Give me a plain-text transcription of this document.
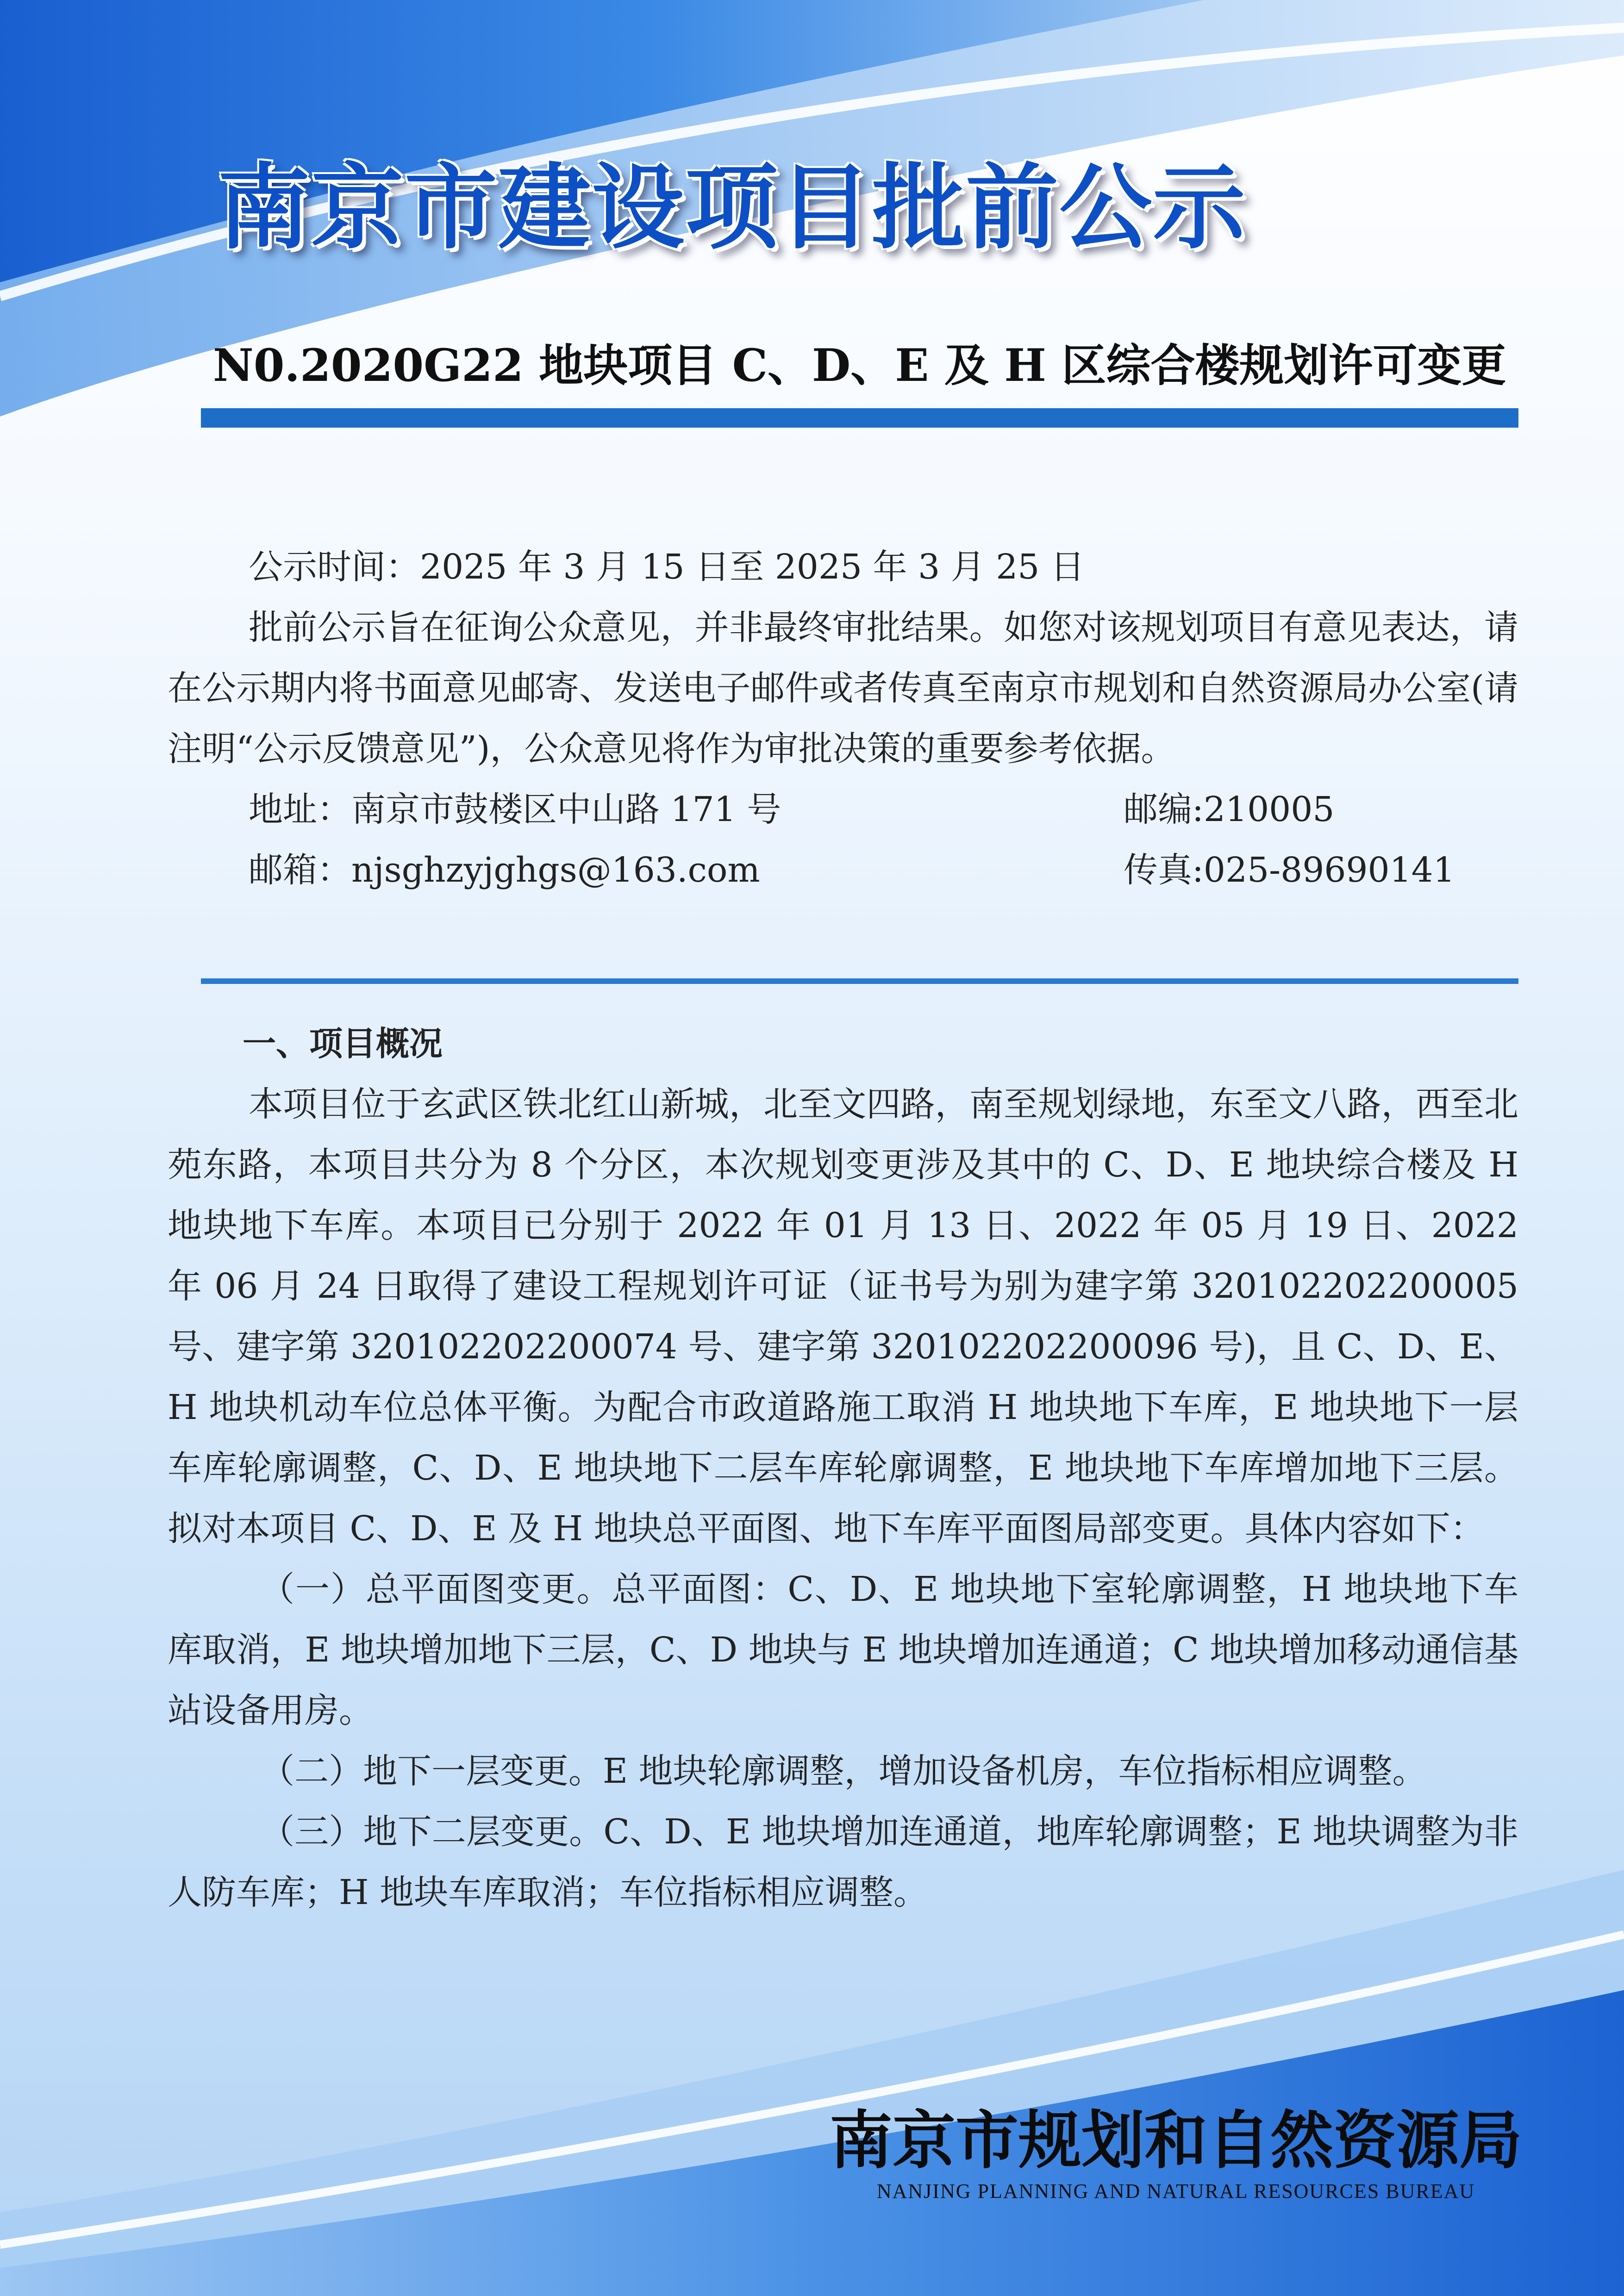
南京市建设项目批前公示
N0.2020G22 地块项目 C、D、E 及 H 区综合楼规划许可变更

公示时间：2025 年 3 月 15 日至 2025 年 3 月 25 日

批前公示旨在征询公众意见，并非最终审批结果。如您对该规划项目有意见表达，请在公示期内将书面意见邮寄、发送电子邮件或者传真至南京市规划和自然资源局办公室(请注明“公示反馈意见”)，公众意见将作为审批决策的重要参考依据。

地址：南京市鼓楼区中山路 171 号	邮编:210005
邮箱：njsghzyjghgs@163.com	传真:025-89690141

一、项目概况

本项目位于玄武区铁北红山新城，北至文四路，南至规划绿地，东至文八路，西至北苑东路，本项目共分为 8 个分区，本次规划变更涉及其中的 C、D、E 地块综合楼及 H 地块地下车库。本项目已分别于 2022 年 01 月 13 日、2022 年 05 月 19 日、2022 年 06 月 24 日取得了建设工程规划许可证（证书号为别为建字第 320102202200005 号、建字第 320102202200074 号、建字第 320102202200096 号)，且 C、D、E、H 地块机动车位总体平衡。为配合市政道路施工取消 H 地块地下车库，E 地块地下一层车库轮廓调整，C、D、E 地块地下二层车库轮廓调整，E 地块地下车库增加地下三层。拟对本项目 C、D、E 及 H 地块总平面图、地下车库平面图局部变更。具体内容如下：

（一）总平面图变更。总平面图：C、D、E 地块地下室轮廓调整，H 地块地下车库取消，E 地块增加地下三层，C、D 地块与 E 地块增加连通道；C 地块增加移动通信基站设备用房。

（二）地下一层变更。E 地块轮廓调整，增加设备机房，车位指标相应调整。

（三）地下二层变更。C、D、E 地块增加连通道，地库轮廓调整；E 地块调整为非人防车库；H 地块车库取消；车位指标相应调整。

南京市规划和自然资源局
NANJING PLANNING AND NATURAL RESOURCES BUREAU
